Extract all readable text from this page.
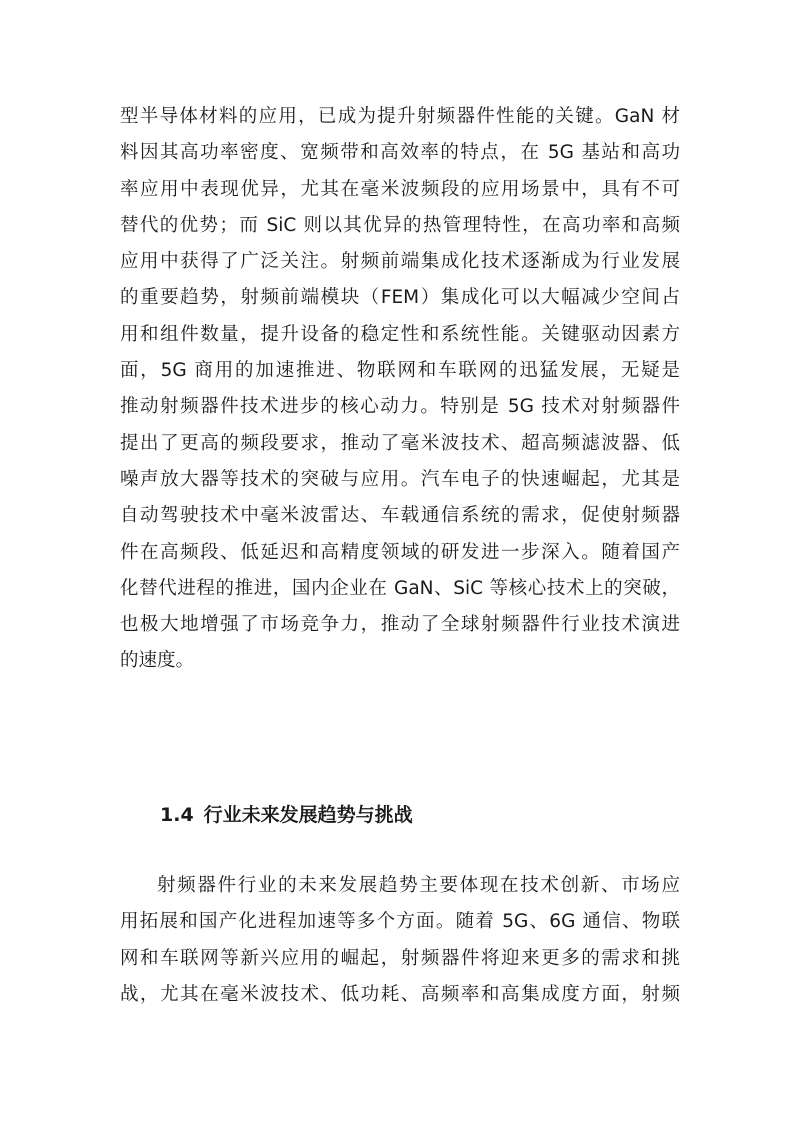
型半导体材料的应用，已成为提升射频器件性能的关键。GaN 材
料因其高功率密度、宽频带和高效率的特点，在 5G 基站和高功
率应用中表现优异，尤其在毫米波频段的应用场景中，具有不可
替代的优势；而 SiC 则以其优异的热管理特性，在高功率和高频
应用中获得了广泛关注。射频前端集成化技术逐渐成为行业发展
的重要趋势，射频前端模块（FEM）集成化可以大幅减少空间占
用和组件数量，提升设备的稳定性和系统性能。关键驱动因素方
面，5G 商用的加速推进、物联网和车联网的迅猛发展，无疑是
推动射频器件技术进步的核心动力。特别是 5G 技术对射频器件
提出了更高的频段要求，推动了毫米波技术、超高频滤波器、低
噪声放大器等技术的突破与应用。汽车电子的快速崛起，尤其是
自动驾驶技术中毫米波雷达、车载通信系统的需求，促使射频器
件在高频段、低延迟和高精度领域的研发进一步深入。随着国产
化替代进程的推进，国内企业在 GaN、SiC 等核心技术上的突破，
也极大地增强了市场竞争力，推动了全球射频器件行业技术演进
的速度。
1.4 行业未来发展趋势与挑战
射频器件行业的未来发展趋势主要体现在技术创新、市场应
用拓展和国产化进程加速等多个方面。随着 5G、6G 通信、物联
网和车联网等新兴应用的崛起，射频器件将迎来更多的需求和挑
战，尤其在毫米波技术、低功耗、高频率和高集成度方面，射频
